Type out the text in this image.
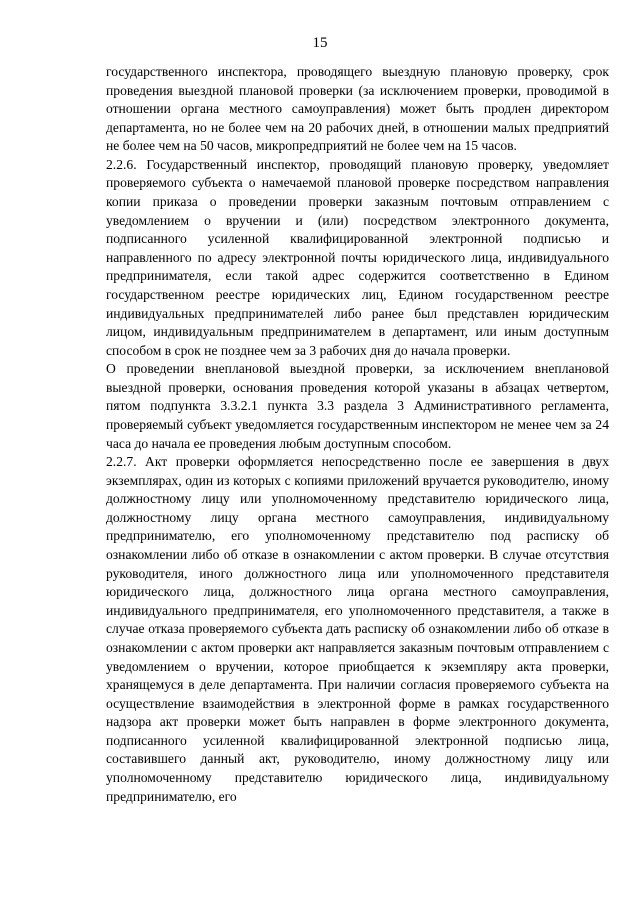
15

государственного инспектора, проводящего выездную плановую проверку, срок проведения выездной плановой проверки (за исключением проверки, проводимой в отношении органа местного самоуправления) может быть продлен директором департамента, но не более чем на 20 рабочих дней, в отношении малых предприятий не более чем на 50 часов, микропредприятий не более чем на 15 часов.

2.2.6. Государственный инспектор, проводящий плановую проверку, уведомляет проверяемого субъекта о намечаемой плановой проверке посредством направления копии приказа о проведении проверки заказным почтовым отправлением с уведомлением о вручении и (или) посредством электронного документа, подписанного усиленной квалифицированной электронной подписью и направленного по адресу электронной почты юридического лица, индивидуального предпринимателя, если такой адрес содержится соответственно в Едином государственном реестре юридических лиц, Едином государственном реестре индивидуальных предпринимателей либо ранее был представлен юридическим лицом, индивидуальным предпринимателем в департамент, или иным доступным способом в срок не позднее чем за 3 рабочих дня до начала проверки.

О проведении внеплановой выездной проверки, за исключением внеплановой выездной проверки, основания проведения которой указаны в абзацах четвертом, пятом подпункта 3.3.2.1 пункта 3.3 раздела 3 Административного регламента, проверяемый субъект уведомляется государственным инспектором не менее чем за 24 часа до начала ее проведения любым доступным способом.

2.2.7. Акт проверки оформляется непосредственно после ее завершения в двух экземплярах, один из которых с копиями приложений вручается руководителю, иному должностному лицу или уполномоченному представителю юридического лица, должностному лицу органа местного самоуправления, индивидуальному предпринимателю, его уполномоченному представителю под расписку об ознакомлении либо об отказе в ознакомлении с актом проверки. В случае отсутствия руководителя, иного должностного лица или уполномоченного представителя юридического лица, должностного лица органа местного самоуправления, индивидуального предпринимателя, его уполномоченного представителя, а также в случае отказа проверяемого субъекта дать расписку об ознакомлении либо об отказе в ознакомлении с актом проверки акт направляется заказным почтовым отправлением с уведомлением о вручении, которое приобщается к экземпляру акта проверки, хранящемуся в деле департамента. При наличии согласия проверяемого субъекта на осуществление взаимодействия в электронной форме в рамках государственного надзора акт проверки может быть направлен в форме электронного документа, подписанного усиленной квалифицированной электронной подписью лица, составившего данный акт, руководителю, иному должностному лицу или уполномоченному представителю юридического лица, индивидуальному предпринимателю, его
